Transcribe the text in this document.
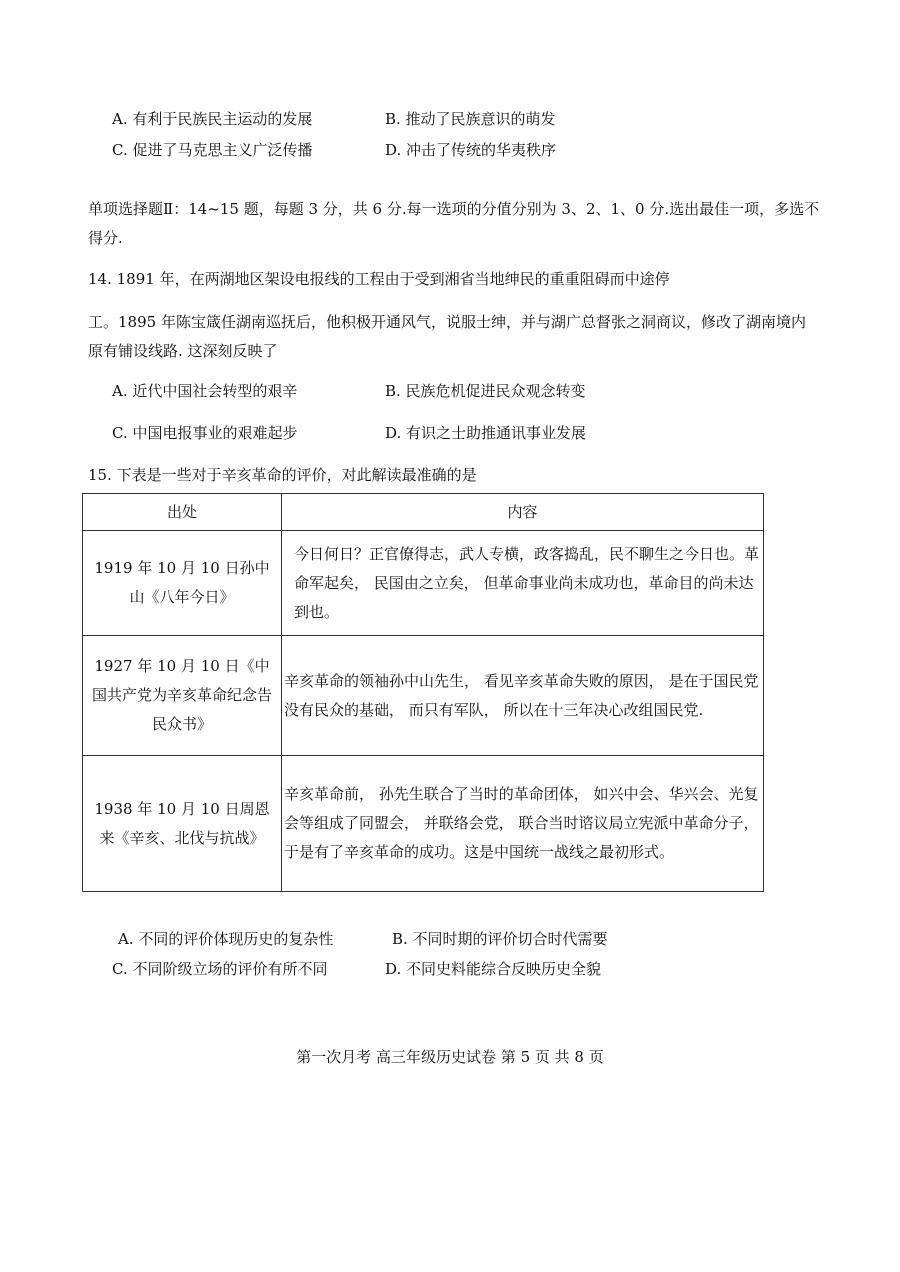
A. 有利于民族民主运动的发展	B. 推动了民族意识的萌发
C. 促进了马克思主义广泛传播	D. 冲击了传统的华夷秩序
单项选择题Ⅱ：14~15 题，每题 3 分，共 6 分.每一选项的分值分别为 3、2、1、0 分.选出最佳一项，多选不
得分.
14. 1891 年，在两湖地区架设电报线的工程由于受到湘省当地绅民的重重阻碍而中途停
工。1895 年陈宝箴任湖南巡抚后，他积极开通风气，说服士绅，并与湖广总督张之洞商议，修改了湖南境内
原有铺设线路. 这深刻反映了
A. 近代中国社会转型的艰辛	B. 民族危机促进民众观念转变
C. 中国电报事业的艰难起步	D. 有识之士助推通讯事业发展
15. 下表是一些对于辛亥革命的评价，对此解读最准确的是
出处	内容
1919 年 10 月 10 日孙中山《八年今日》	今日何日？正官僚得志，武人专横，政客捣乱，民不聊生之今日也。革命军起矣， 民国由之立矣， 但革命事业尚未成功也，革命目的尚未达到也。
1927 年 10 月 10 日《中国共产党为辛亥革命纪念告民众书》	辛亥革命的领袖孙中山先生， 看见辛亥革命失败的原因， 是在于国民党没有民众的基础， 而只有军队， 所以在十三年决心改组国民党.
1938 年 10 月 10 日周恩来《辛亥、北伐与抗战》	辛亥革命前， 孙先生联合了当时的革命团体， 如兴中会、华兴会、光复会等组成了同盟会， 并联络会党， 联合当时谘议局立宪派中革命分子，于是有了辛亥革命的成功。这是中国统一战线之最初形式。
A. 不同的评价体现历史的复杂性	B. 不同时期的评价切合时代需要
C. 不同阶级立场的评价有所不同	D. 不同史料能综合反映历史全貌
第一次月考 高三年级历史试卷 第 5 页 共 8 页
